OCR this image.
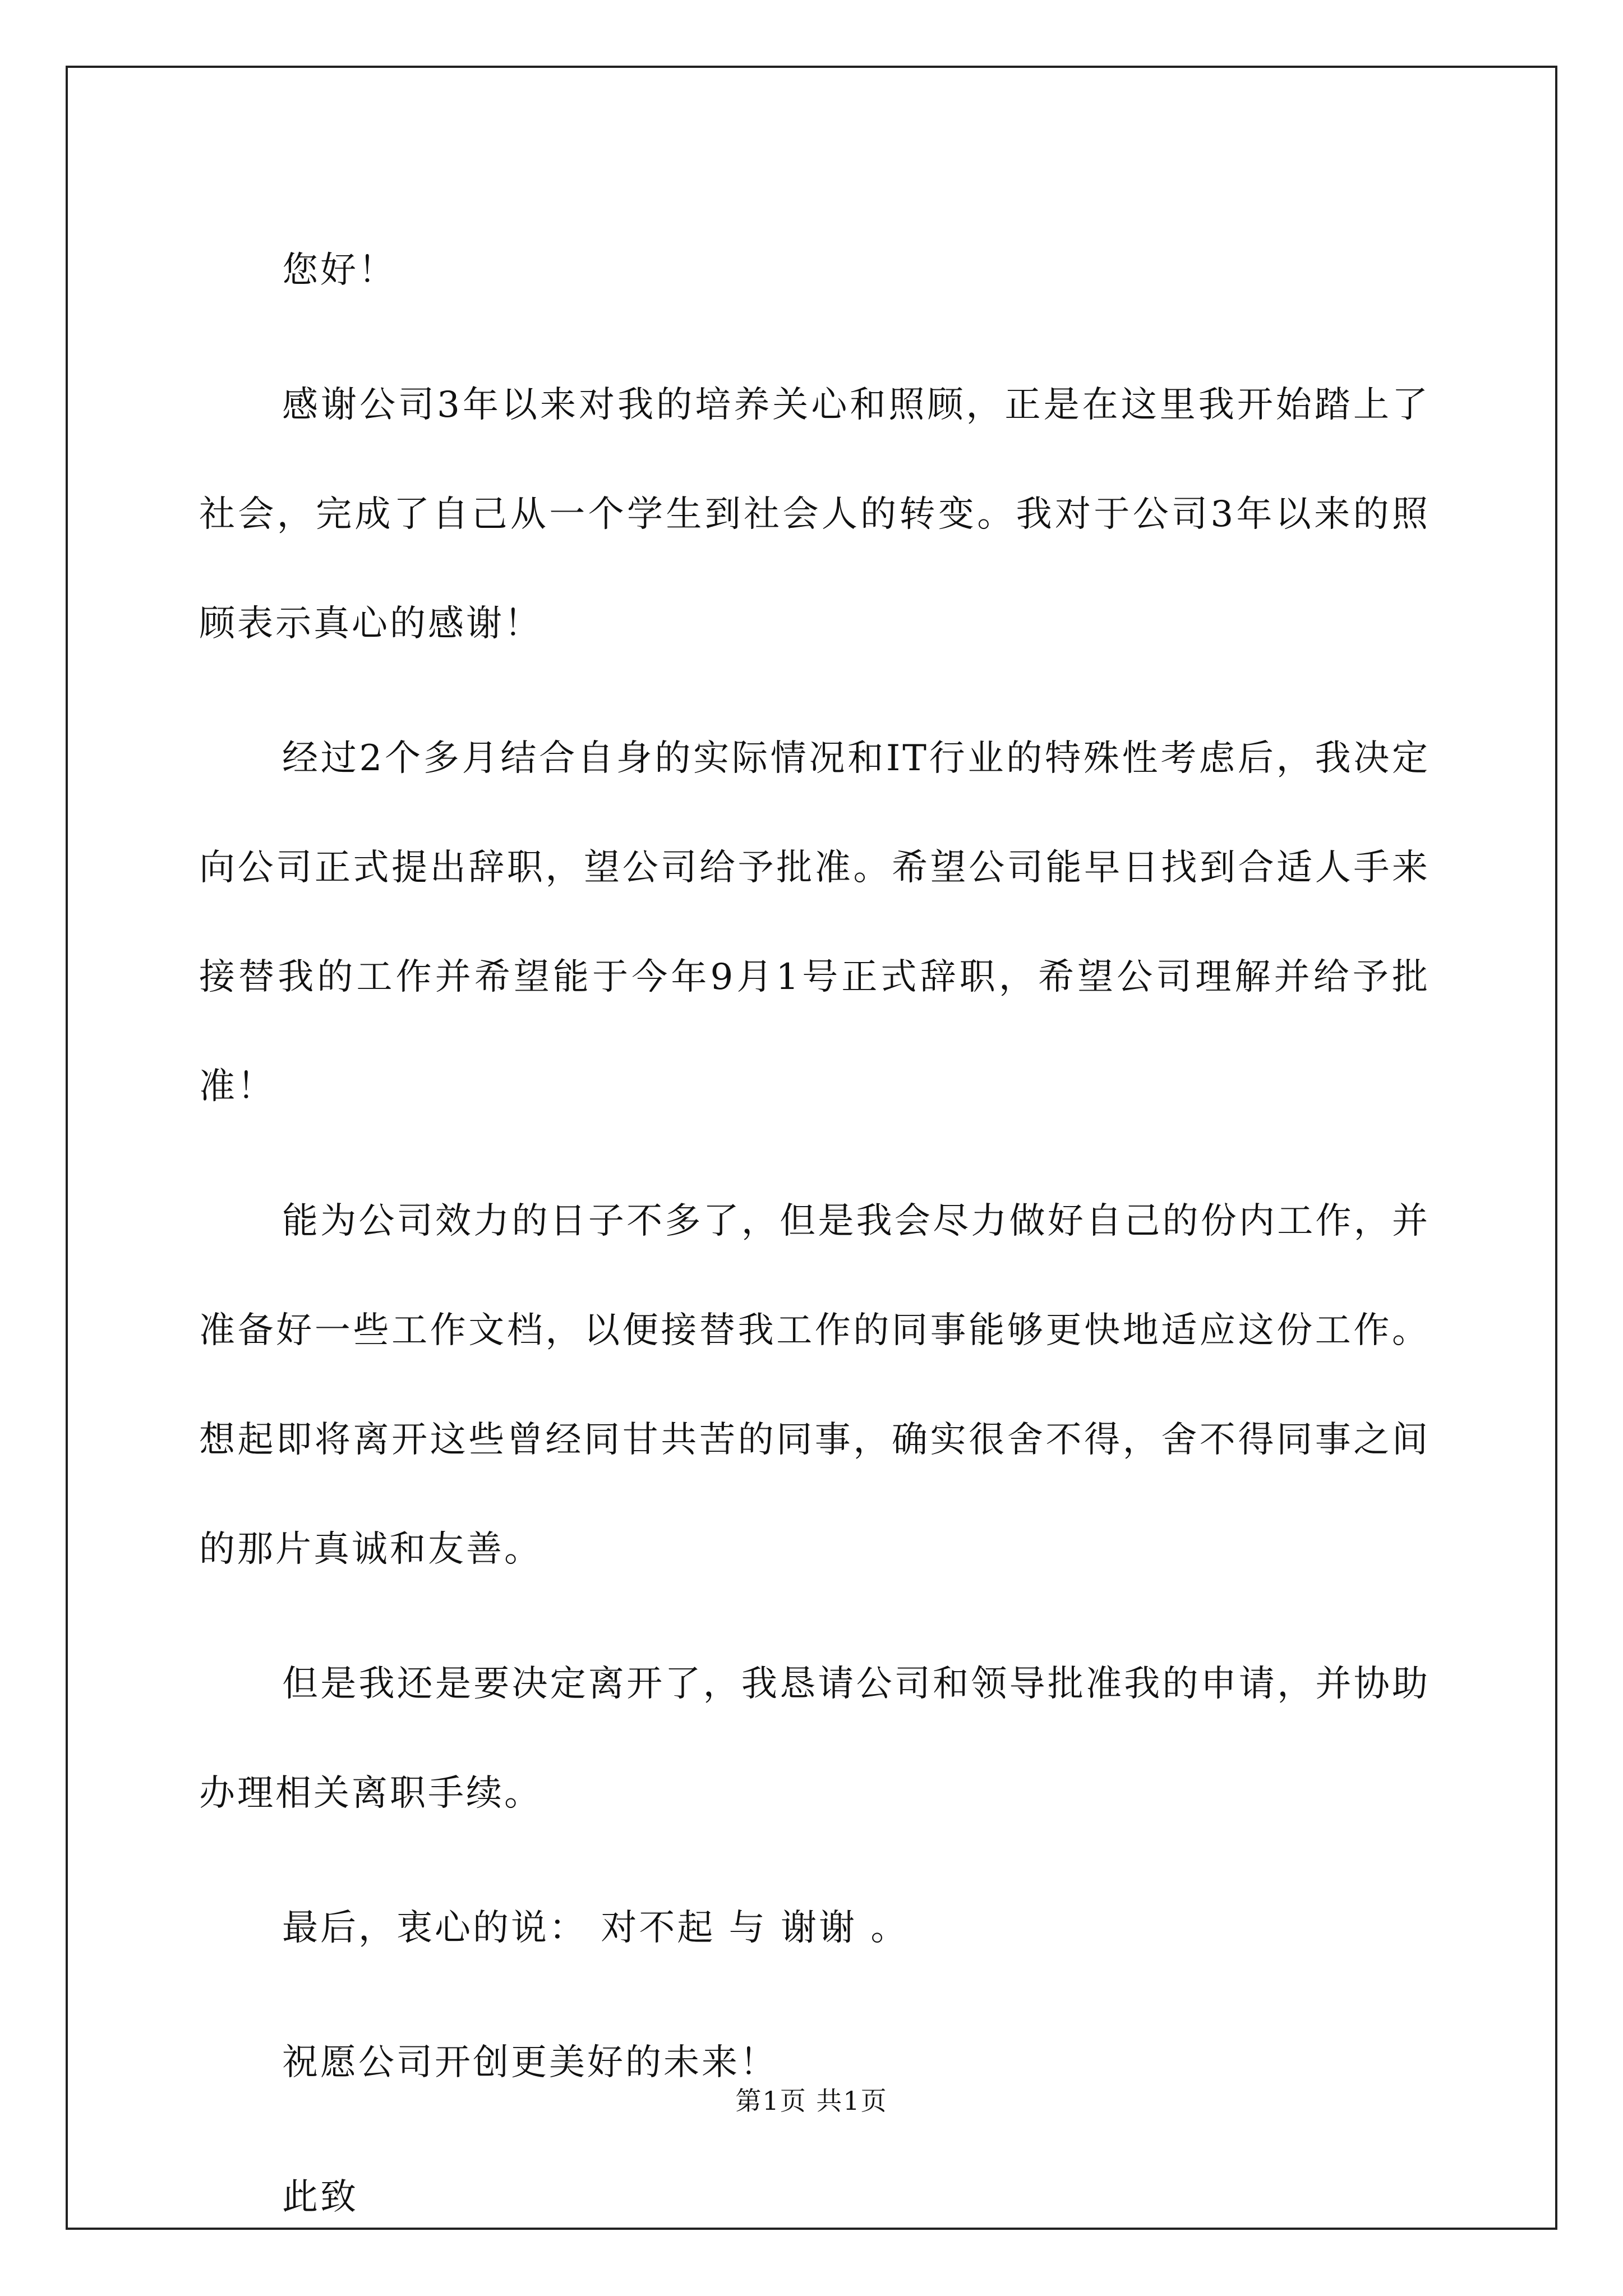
您好！

感谢公司3年以来对我的培养关心和照顾，正是在这里我开始踏上了社会，完成了自己从一个学生到社会人的转变。我对于公司3年以来的照顾表示真心的感谢！

经过2个多月结合自身的实际情况和IT行业的特殊性考虑后，我决定向公司正式提出辞职，望公司给予批准。希望公司能早日找到合适人手来接替我的工作并希望能于今年9月1号正式辞职，希望公司理解并给予批准！

能为公司效力的日子不多了，但是我会尽力做好自己的份内工作，并准备好一些工作文档，以便接替我工作的同事能够更快地适应这份工作。想起即将离开这些曾经同甘共苦的同事，确实很舍不得，舍不得同事之间的那片真诚和友善。

但是我还是要决定离开了，我恳请公司和领导批准我的申请，并协助办理相关离职手续。

最后，衷心的说： 对不起 与 谢谢 。

祝愿公司开创更美好的未来！

此致

第1页 共1页
